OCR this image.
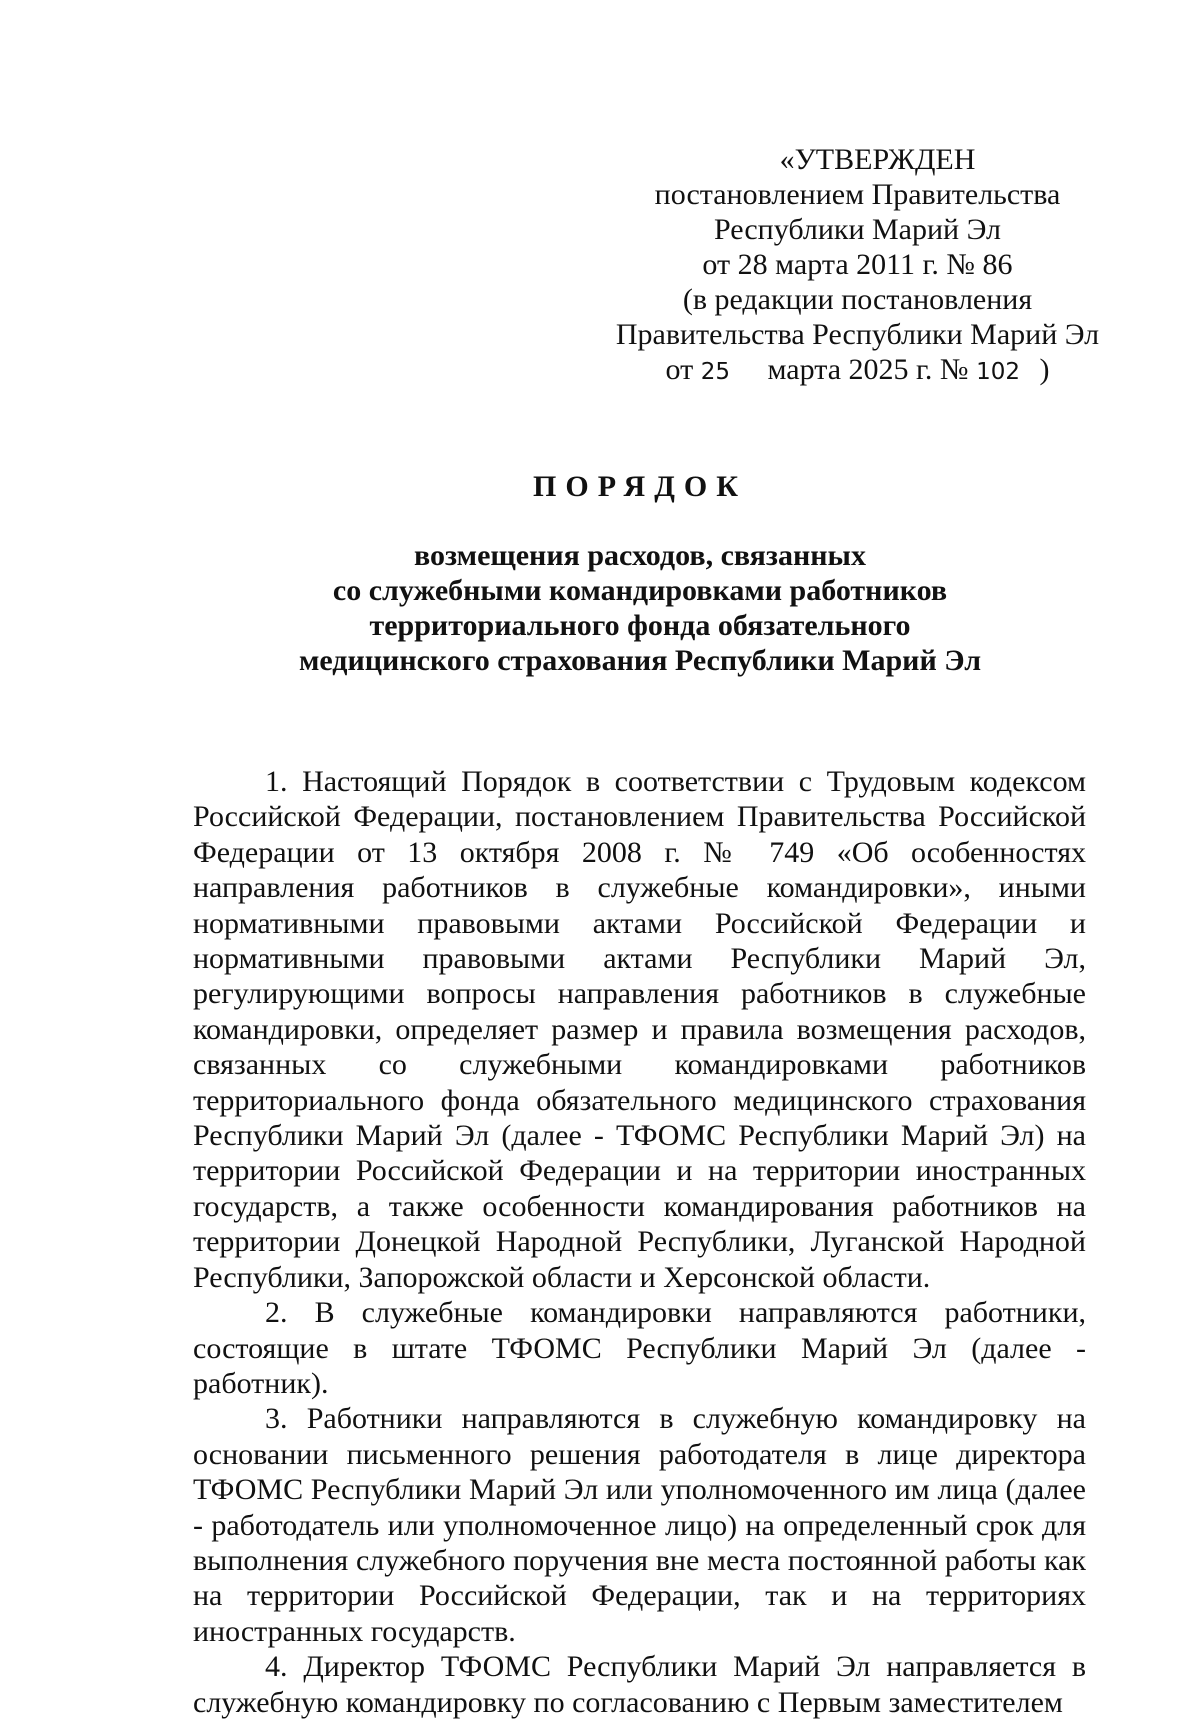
«УТВЕРЖДЕН
постановлением Правительства
Республики Марий Эл
от 28 марта 2011 г. № 86
(в редакции постановления
Правительства Республики Марий Эл
от 25 марта 2025 г. № 102 )
ПОРЯДОК
возмещения расходов, связанных
со служебными командировками работников
территориального фонда обязательного
медицинского страхования Республики Марий Эл

1. Настоящий Порядок в соответствии с Трудовым кодексом Российской Федерации, постановлением Правительства Российской Федерации от 13 октября 2008 г. № 749 «Об особенностях направления работников в служебные командировки», иными нормативными правовыми актами Российской Федерации и нормативными правовыми актами Республики Марий Эл, регулирующими вопросы направления работников в служебные командировки, определяет размер и правила возмещения расходов, связанных со служебными командировками работников территориального фонда обязательного медицинского страхования Республики Марий Эл (далее - ТФОМС Республики Марий Эл) на территории Российской Федерации и на территории иностранных государств, а также особенности командирования работников на территории Донецкой Народной Республики, Луганской Народной Республики, Запорожской области и Херсонской области.

2. В служебные командировки направляются работники, состоящие в штате ТФОМС Республики Марий Эл (далее - работник).

3. Работники направляются в служебную командировку на основании письменного решения работодателя в лице директора ТФОМС Республики Марий Эл или уполномоченного им лица (далее - работодатель или уполномоченное лицо) на определенный срок для выполнения служебного поручения вне места постоянной работы как на территории Российской Федерации, так и на территориях иностранных государств.

4. Директор ТФОМС Республики Марий Эл направляется в служебную командировку по согласованию с Первым заместителем
